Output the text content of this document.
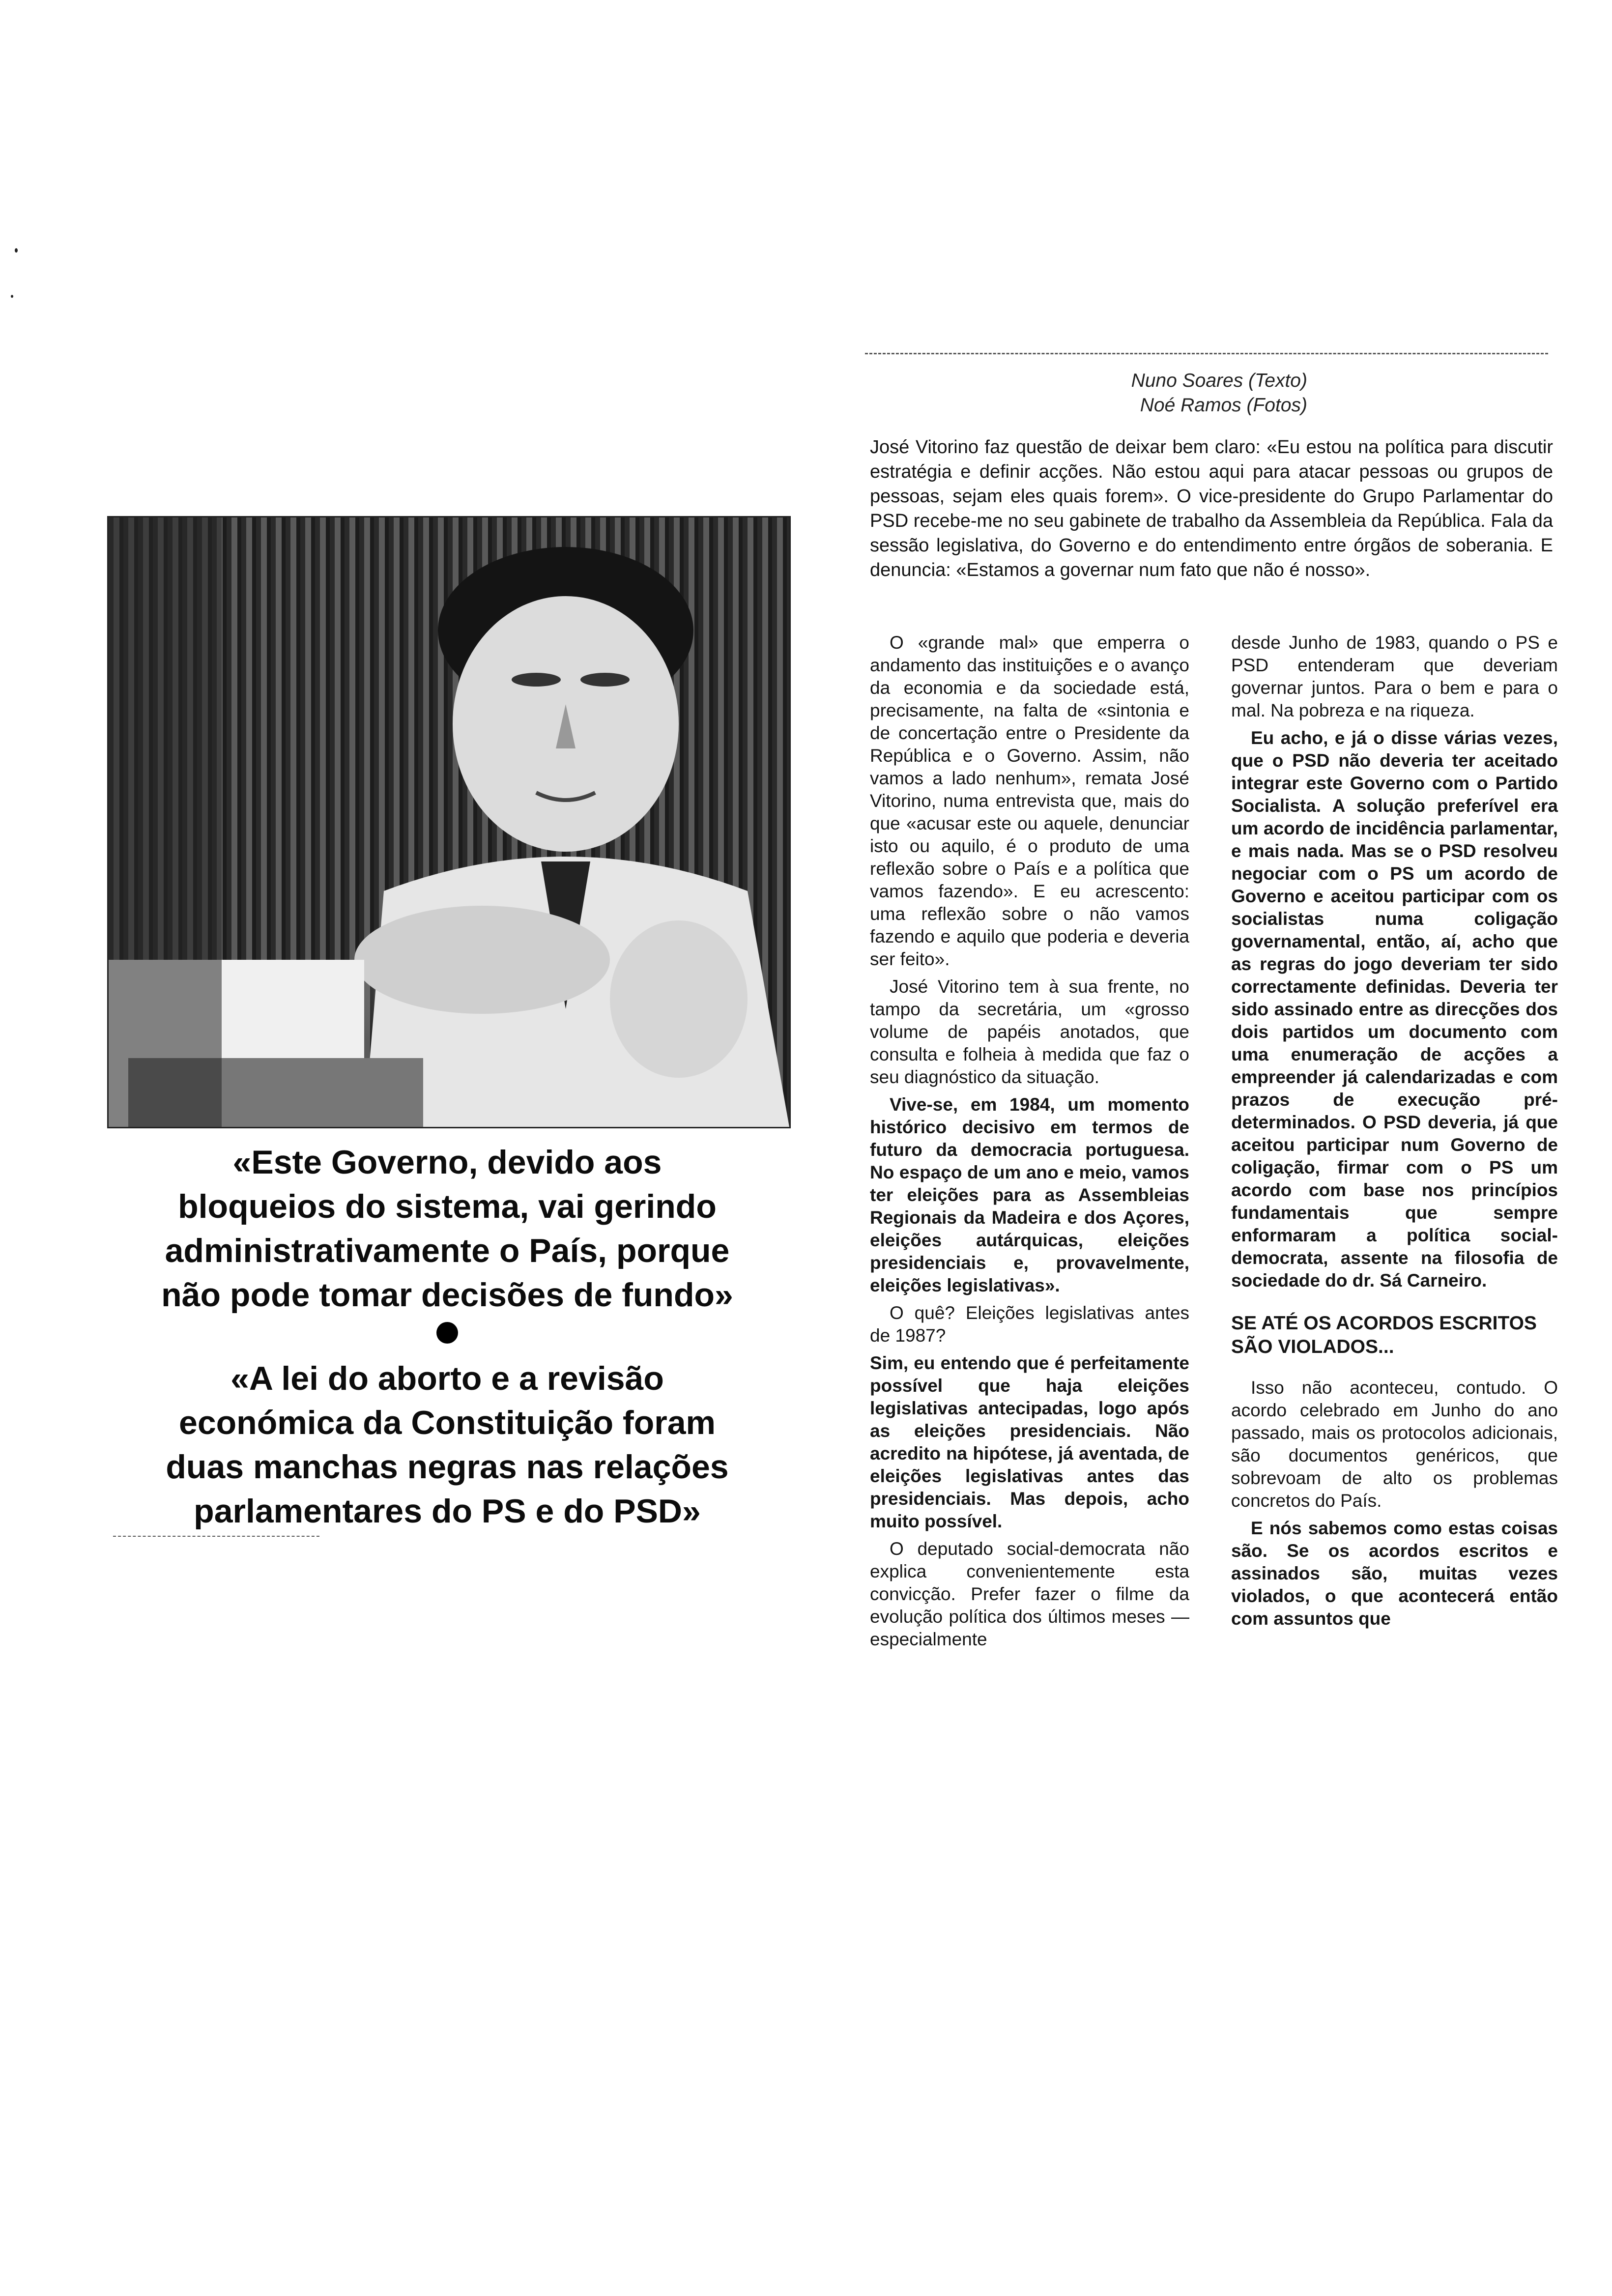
Nuno Soares (Texto)
Noé Ramos (Fotos)
José Vitorino faz questão de deixar bem claro: «Eu estou na política para discutir estratégia e definir acções. Não estou aqui para atacar pessoas ou grupos de pessoas, sejam eles quais forem». O vice-presidente do Grupo Parlamentar do PSD recebe-me no seu gabinete de trabalho da Assembleia da República. Fala da sessão legislativa, do Governo e do entendimento entre órgãos de soberania. E denuncia: «Estamos a governar num fato que não é nosso».
«Este Governo, devido aos
bloqueios do sistema, vai gerindo
administrativamente o País, porque
não pode tomar decisões de fundo»
«A lei do aborto e a revisão
económica da Constituição foram
duas manchas negras nas relações
parlamentares do PS e do PSD»

O «grande mal» que emperra o andamento das instituições e o avanço da economia e da sociedade está, precisamente, na falta de «sintonia e de concertação entre o Presidente da República e o Governo. Assim, não vamos a lado nenhum», remata José Vitorino, numa entrevista que, mais do que «acusar este ou aquele, denunciar isto ou aquilo, é o produto de uma reflexão sobre o País e a política que vamos fazendo». E eu acrescento: uma reflexão sobre o não vamos fazendo e aquilo que poderia e deveria ser feito».

José Vitorino tem à sua frente, no tampo da secretária, um «grosso volume de papéis anotados, que consulta e folheia à medida que faz o seu diagnóstico da situação.

Vive-se, em 1984, um momento histórico decisivo em termos de futuro da democracia portuguesa. No espaço de um ano e meio, vamos ter eleições para as Assembleias Regionais da Madeira e dos Açores, eleições autárquicas, eleições presidenciais e, provavelmente, eleições legislativas».

O quê? Eleições legislativas antes de 1987?

Sim, eu entendo que é perfeitamente possível que haja eleições legislativas antecipadas, logo após as eleições presidenciais. Não acredito na hipótese, já aventada, de eleições legislativas antes das presidenciais. Mas depois, acho muito possível.

O deputado social-democrata não explica convenientemente esta convicção. Prefer fazer o filme da evolução política dos últimos meses — especialmente

desde Junho de 1983, quando o PS e PSD entenderam que deveriam governar juntos. Para o bem e para o mal. Na pobreza e na riqueza.

Eu acho, e já o disse várias vezes, que o PSD não deveria ter aceitado integrar este Governo com o Partido Socialista. A solução preferível era um acordo de incidência parlamentar, e mais nada. Mas se o PSD resolveu negociar com o PS um acordo de Governo e aceitou participar com os socialistas numa coligação governamental, então, aí, acho que as regras do jogo deveriam ter sido correctamente definidas. Deveria ter sido assinado entre as direcções dos dois partidos um documento com uma enumeração de acções a empreender já calendarizadas e com prazos de execução pré-determinados. O PSD deveria, já que aceitou participar num Governo de coligação, firmar com o PS um acordo com base nos princípios fundamentais que sempre enformaram a política social-democrata, assente na filosofia de sociedade do dr. Sá Carneiro.

SE ATÉ OS ACORDOS ESCRITOS SÃO VIOLADOS...

Isso não aconteceu, contudo. O acordo celebrado em Junho do ano passado, mais os protocolos adicionais, são documentos genéricos, que sobrevoam de alto os problemas concretos do País.

E nós sabemos como estas coisas são. Se os acordos escritos e assinados são, muitas vezes violados, o que acontecerá então com assuntos que
